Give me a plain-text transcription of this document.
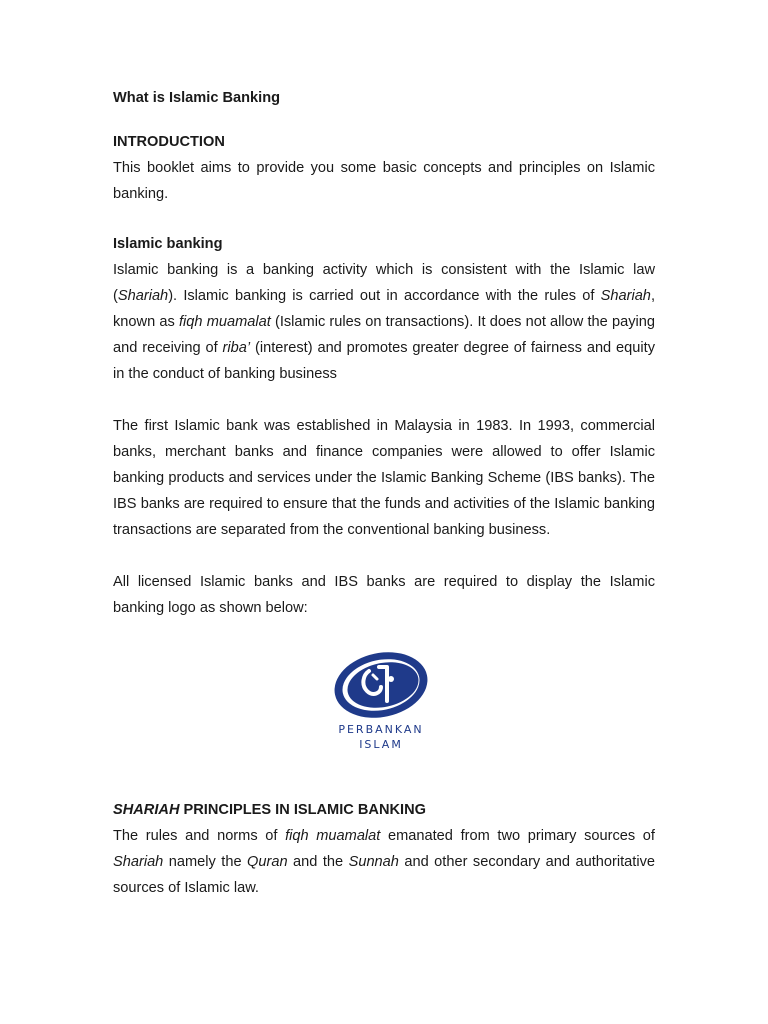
What is Islamic Banking
INTRODUCTION

This booklet aims to provide you some basic concepts and principles on Islamic banking.

Islamic banking

Islamic banking is a banking activity which is consistent with the Islamic law (Shariah). Islamic banking is carried out in accordance with the rules of Shariah, known as fiqh muamalat (Islamic rules on transactions). It does not allow the paying and receiving of riba’ (interest) and promotes greater degree of fairness and equity in the conduct of banking business

The first Islamic bank was established in Malaysia in 1983. In 1993, commercial banks, merchant banks and finance companies were allowed to offer Islamic banking products and services under the Islamic Banking Scheme (IBS banks). The IBS banks are required to ensure that the funds and activities of the Islamic banking transactions are separated from the conventional banking business.

All licensed Islamic banks and IBS banks are required to display the Islamic banking logo as shown below:

PERBANKAN
ISLAM
SHARIAH PRINCIPLES IN ISLAMIC BANKING

The rules and norms of fiqh muamalat emanated from two primary sources of Shariah namely the Quran and the Sunnah and other secondary and authoritative sources of Islamic law.
